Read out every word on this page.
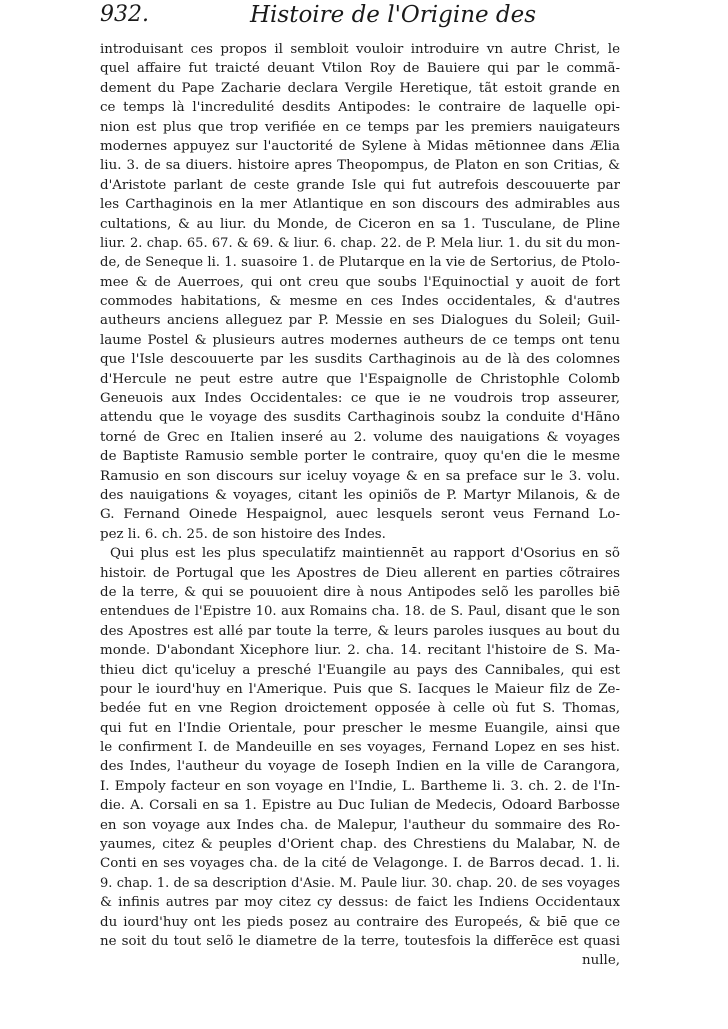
932.	Histoire de l'Origine des
introduisant ces propos il sembloit vouloir introduire vn autre Christ, le
quel affaire fut traicté deuant Vtilon Roy de Bauiere qui par le commã-
dement du Pape Zacharie declara Vergile Heretique, tãt estoit grande en
ce temps là l'incredulité desdits Antipodes: le contraire de laquelle opi-
nion est plus que trop verifiée en ce temps par les premiers nauigateurs
modernes appuyez sur l'auctorité de Sylene à Midas mētionnee dans Ælia
liu. 3. de sa diuers. histoire apres Theopompus, de Platon en son Critias, &
d'Aristote parlant de ceste grande Isle qui fut autrefois descouuerte par
les Carthaginois en la mer Atlantique en son discours des admirables aus
cultations, & au liur. du Monde, de Ciceron en sa 1. Tusculane, de Pline
liur. 2. chap. 65. 67. & 69. & liur. 6. chap. 22. de P. Mela liur. 1. du sit du mon-
de, de Seneque li. 1. suasoire 1. de Plutarque en la vie de Sertorius, de Ptolo-
mee & de Auerroes, qui ont creu que soubs l'Equinoctial y auoit de fort
commodes habitations, & mesme en ces Indes occidentales, & d'autres
autheurs anciens alleguez par P. Messie en ses Dialogues du Soleil; Guil-
laume Postel & plusieurs autres modernes autheurs de ce temps ont tenu
que l'Isle descouuerte par les susdits Carthaginois au de là des colomnes
d'Hercule ne peut estre autre que l'Espaignolle de Christophle Colomb
Geneuois aux Indes Occidentales: ce que ie ne voudrois trop asseurer,
attendu que le voyage des susdits Carthaginois soubz la conduite d'Hãno
torné de Grec en Italien inseré au 2. volume des nauigations & voyages
de Baptiste Ramusio semble porter le contraire, quoy qu'en die le mesme
Ramusio en son discours sur iceluy voyage & en sa preface sur le 3. volu.
des nauigations & voyages, citant les opiniõs de P. Martyr Milanois, & de
G. Fernand Oinede Hespaignol, auec lesquels seront veus Fernand Lo-
pez li. 6. ch. 25. de son histoire des Indes.
Qui plus est les plus speculatifz maintiennēt au rapport d'Osorius en sõ
histoir. de Portugal que les Apostres de Dieu allerent en parties cõtraires
de la terre, & qui se pouuoient dire à nous Antipodes selõ les parolles biē
entendues de l'Epistre 10. aux Romains cha. 18. de S. Paul, disant que le son
des Apostres est allé par toute la terre, & leurs paroles iusques au bout du
monde. D'abondant Xicephore liur. 2. cha. 14. recitant l'histoire de S. Ma-
thieu dict qu'iceluy a presché l'Euangile au pays des Cannibales, qui est
pour le iourd'huy en l'Amerique. Puis que S. Iacques le Maieur filz de Ze-
bedée fut en vne Region droictement opposée à celle où fut S. Thomas,
qui fut en l'Indie Orientale, pour prescher le mesme Euangile, ainsi que
le confirment I. de Mandeuille en ses voyages, Fernand Lopez en ses hist.
des Indes, l'autheur du voyage de Ioseph Indien en la ville de Carangorа,
I. Empoly facteur en son voyage en l'Indie, L. Bartheme li. 3. ch. 2. de l'In-
die. A. Corsali en sa 1. Epistre au Duc Iulian de Medecis, Odoard Barbosse
en son voyage aux Indes cha. de Malepur, l'autheur du sommaire des Ro-
yaumes, citez & peuples d'Orient chap. des Chrestiens du Malabar, N. de
Conti en ses voyages cha. de la cité de Velagonge. I. de Barros decad. 1. li.
9. chap. 1. de sa description d'Asie. M. Paule liur. 30. chap. 20. de ses voyages
& infinis autres par moy citez cy dessus: de faict les Indiens Occidentaux
du iourd'huy ont les pieds posez au contraire des Europeés, & biē que ce
ne soit du tout selõ le diametre de la terre, toutesfois la differēce est quasi
nulle,
